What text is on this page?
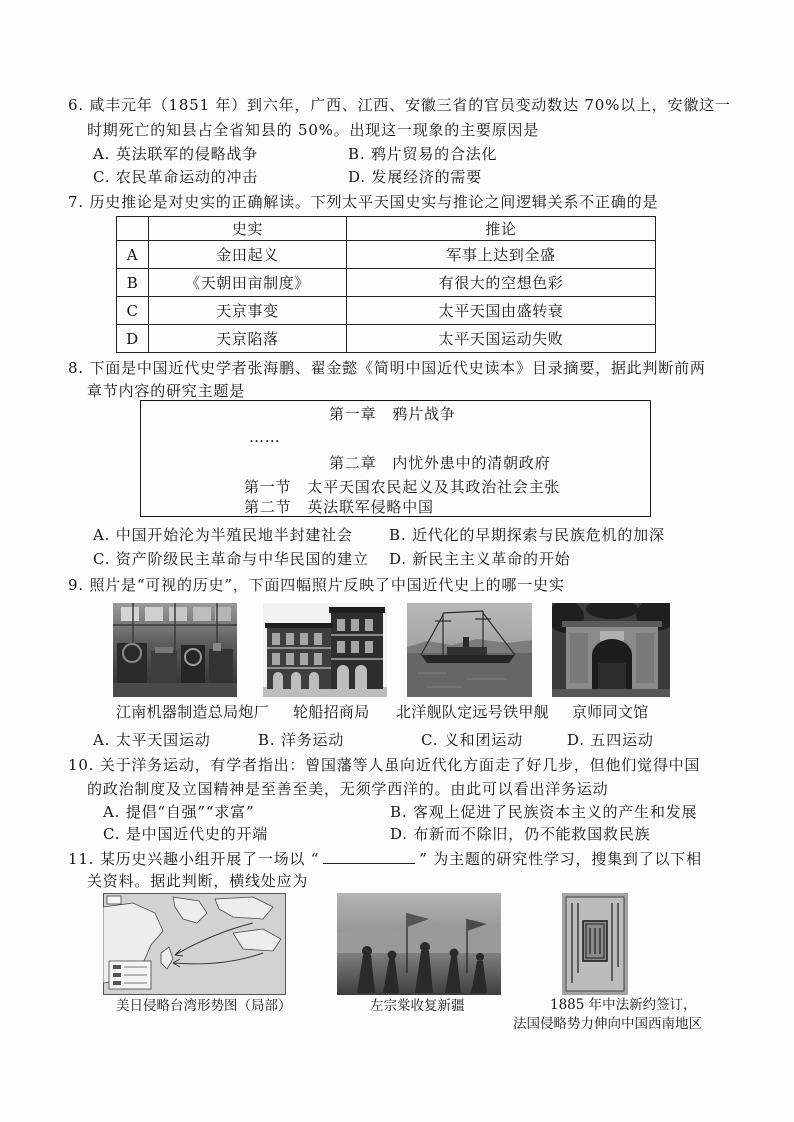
6. 咸丰元年（1851 年）到六年，广西、江西、安徽三省的官员变动数达 70%以上，安徽这一
时期死亡的知县占全省知县的 50%。出现这一现象的主要原因是
A. 英法联军的侵略战争	B. 鸦片贸易的合法化
C. 农民革命运动的冲击	D. 发展经济的需要
7. 历史推论是对史实的正确解读。下列太平天国史实与推论之间逻辑关系不正确的是
	史实	推论
A	金田起义	军事上达到全盛
B	《天朝田亩制度》	有很大的空想色彩
C	天京事变	太平天国由盛转衰
D	天京陷落	太平天国运动失败
8. 下面是中国近代史学者张海鹏、翟金懿《简明中国近代史读本》目录摘要，据此判断前两
章节内容的研究主题是
第一章 鸦片战争
……
第二章 内忧外患中的清朝政府
第一节 太平天国农民起义及其政治社会主张
第二节 英法联军侵略中国
A. 中国开始沦为半殖民地半封建社会 B. 近代化的早期探索与民族危机的加深
C. 资产阶级民主革命与中华民国的建立 D. 新民主主义革命的开始
9. 照片是“可视的历史”，下面四幅照片反映了中国近代史上的哪一史实
江南机器制造总局炮厂 轮船招商局 北洋舰队定远号铁甲舰 京师同文馆
A. 太平天国运动	B. 洋务运动	C. 义和团运动	D. 五四运动
10. 关于洋务运动，有学者指出：曾国藩等人虽向近代化方面走了好几步，但他们觉得中国
的政治制度及立国精神是至善至美，无须学西洋的。由此可以看出洋务运动
A. 提倡“自强”“求富”	B. 客观上促进了民族资本主义的产生和发展
C. 是中国近代史的开端	D. 布新而不除旧，仍不能救国救民族
11. 某历史兴趣小组开展了一场以 “	” 为主题的研究性学习，搜集到了以下相
关资料。据此判断，横线处应为
美日侵略台湾形势图（局部）	左宗棠收复新疆	1885 年中法新约签订，
法国侵略势力伸向中国西南地区
